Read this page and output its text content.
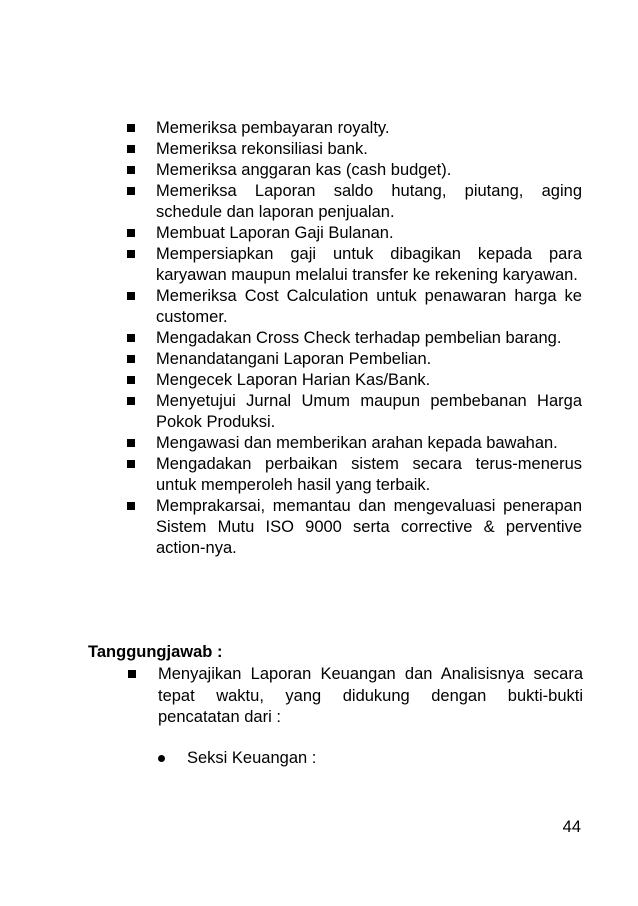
Memeriksa pembayaran royalty.
Memeriksa rekonsiliasi bank.
Memeriksa anggaran kas (cash budget).
Memeriksa Laporan saldo hutang, piutang, aging schedule dan laporan penjualan.
Membuat Laporan Gaji Bulanan.
Mempersiapkan gaji untuk dibagikan kepada para karyawan maupun melalui transfer ke rekening karyawan.
Memeriksa Cost Calculation untuk penawaran harga ke customer.
Mengadakan Cross Check terhadap pembelian barang.
Menandatangani Laporan Pembelian.
Mengecek Laporan Harian Kas/Bank.
Menyetujui Jurnal Umum maupun pembebanan Harga Pokok Produksi.
Mengawasi dan memberikan arahan kepada bawahan.
Mengadakan perbaikan sistem secara terus-menerus untuk memperoleh hasil yang terbaik.
Memprakarsai, memantau dan mengevaluasi penerapan Sistem Mutu ISO 9000 serta corrective & perventive action-nya.

Tanggungjawab :

Menyajikan Laporan Keuangan dan Analisisnya secara tepat waktu, yang didukung dengan bukti-bukti pencatatan dari :
Seksi Keuangan :
44
